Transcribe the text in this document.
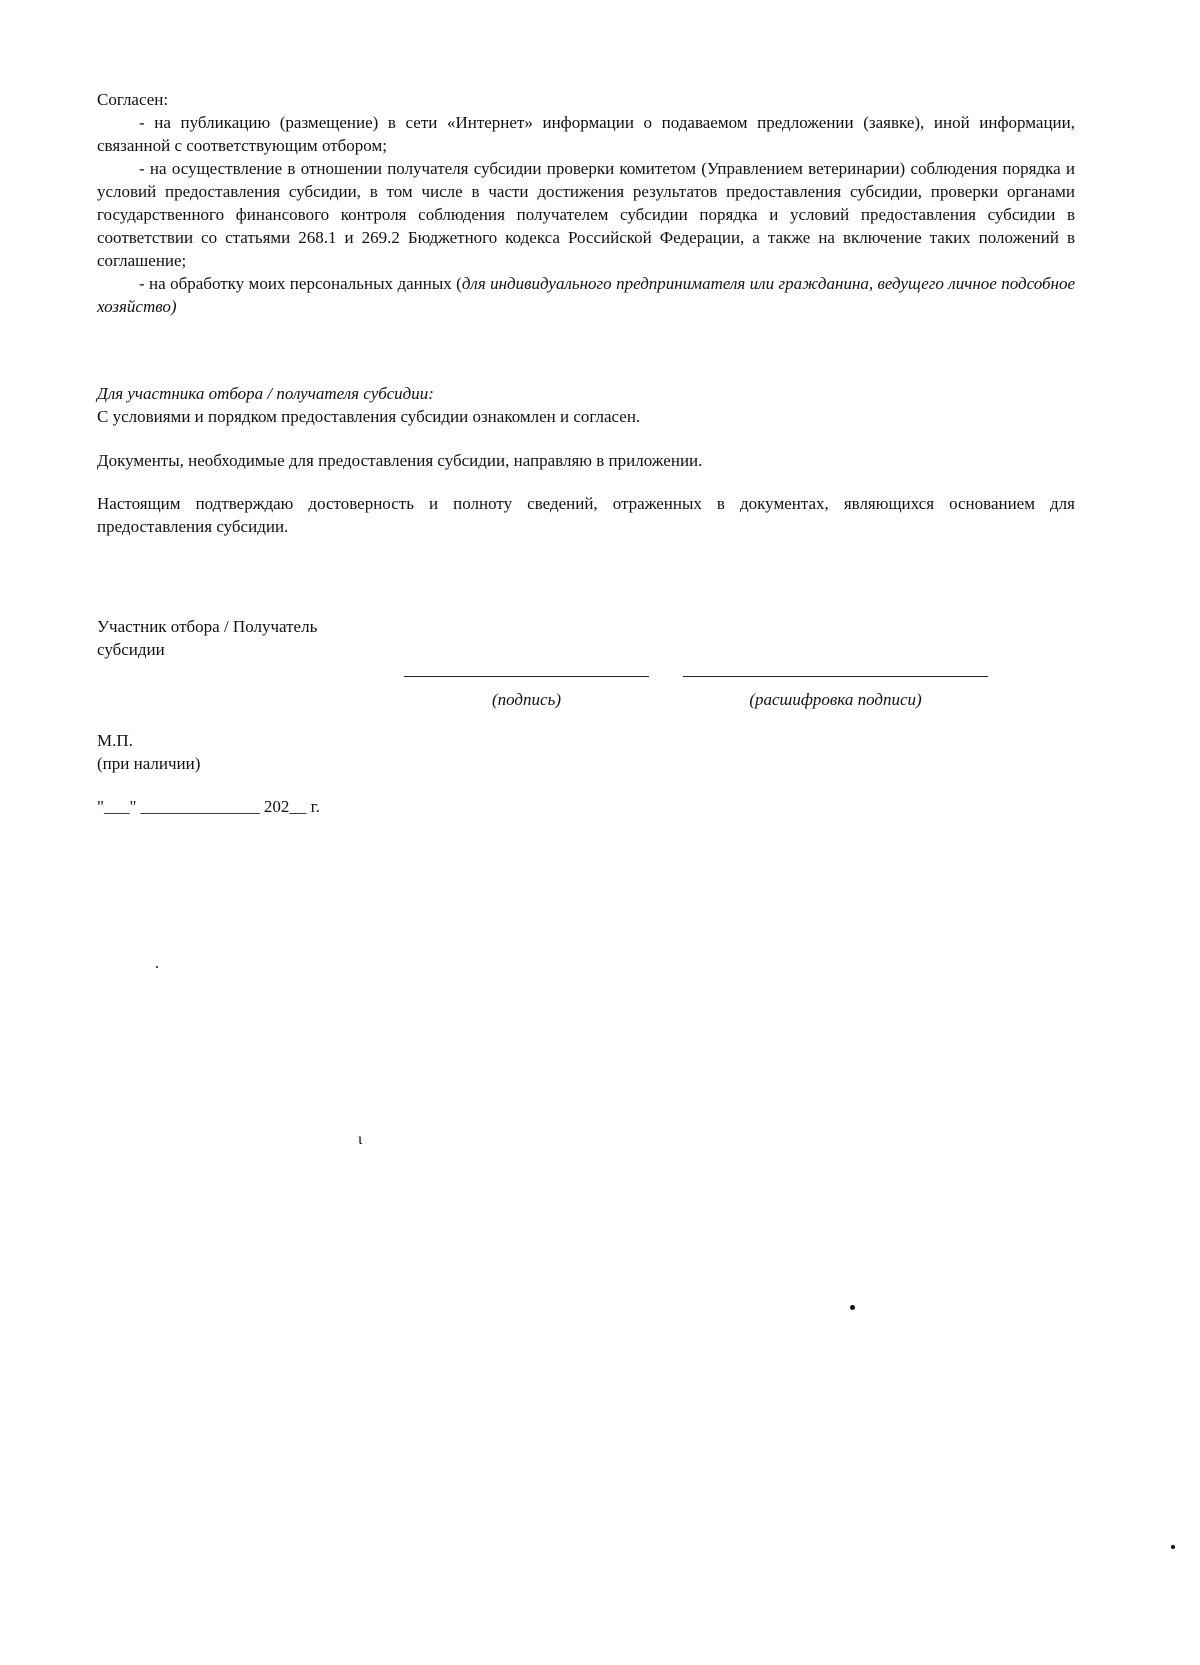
Согласен:

- на публикацию (размещение) в сети «Интернет» информации о подаваемом предложении (заявке), иной информации, связанной с соответствующим отбором;

- на осуществление в отношении получателя субсидии проверки комитетом (Управлением ветеринарии) соблюдения порядка и условий предоставления субсидии, в том числе в части достижения результатов предоставления субсидии, проверки органами государственного финансового контроля соблюдения получателем субсидии порядка и условий предоставления субсидии в соответствии со статьями 268.1 и 269.2 Бюджетного кодекса Российской Федерации, а также на включение таких положений в соглашение;

- на обработку моих персональных данных (для индивидуального предпринимателя или гражданина, ведущего личное подсобное хозяйство)

Для участника отбора / получателя субсидии:

С условиями и порядком предоставления субсидии ознакомлен и согласен.

Документы, необходимые для предоставления субсидии, направляю в приложении.
Настоящим подтверждаю достоверность и полноту сведений, отраженных в документах, являющихся основанием для предоставления субсидии.

Участник отбора / Получатель

субсидии

(подпись)	(расшифровка подписи)

М.П.

(при наличии)

"___" ______________ 202__ г.
ɩ
